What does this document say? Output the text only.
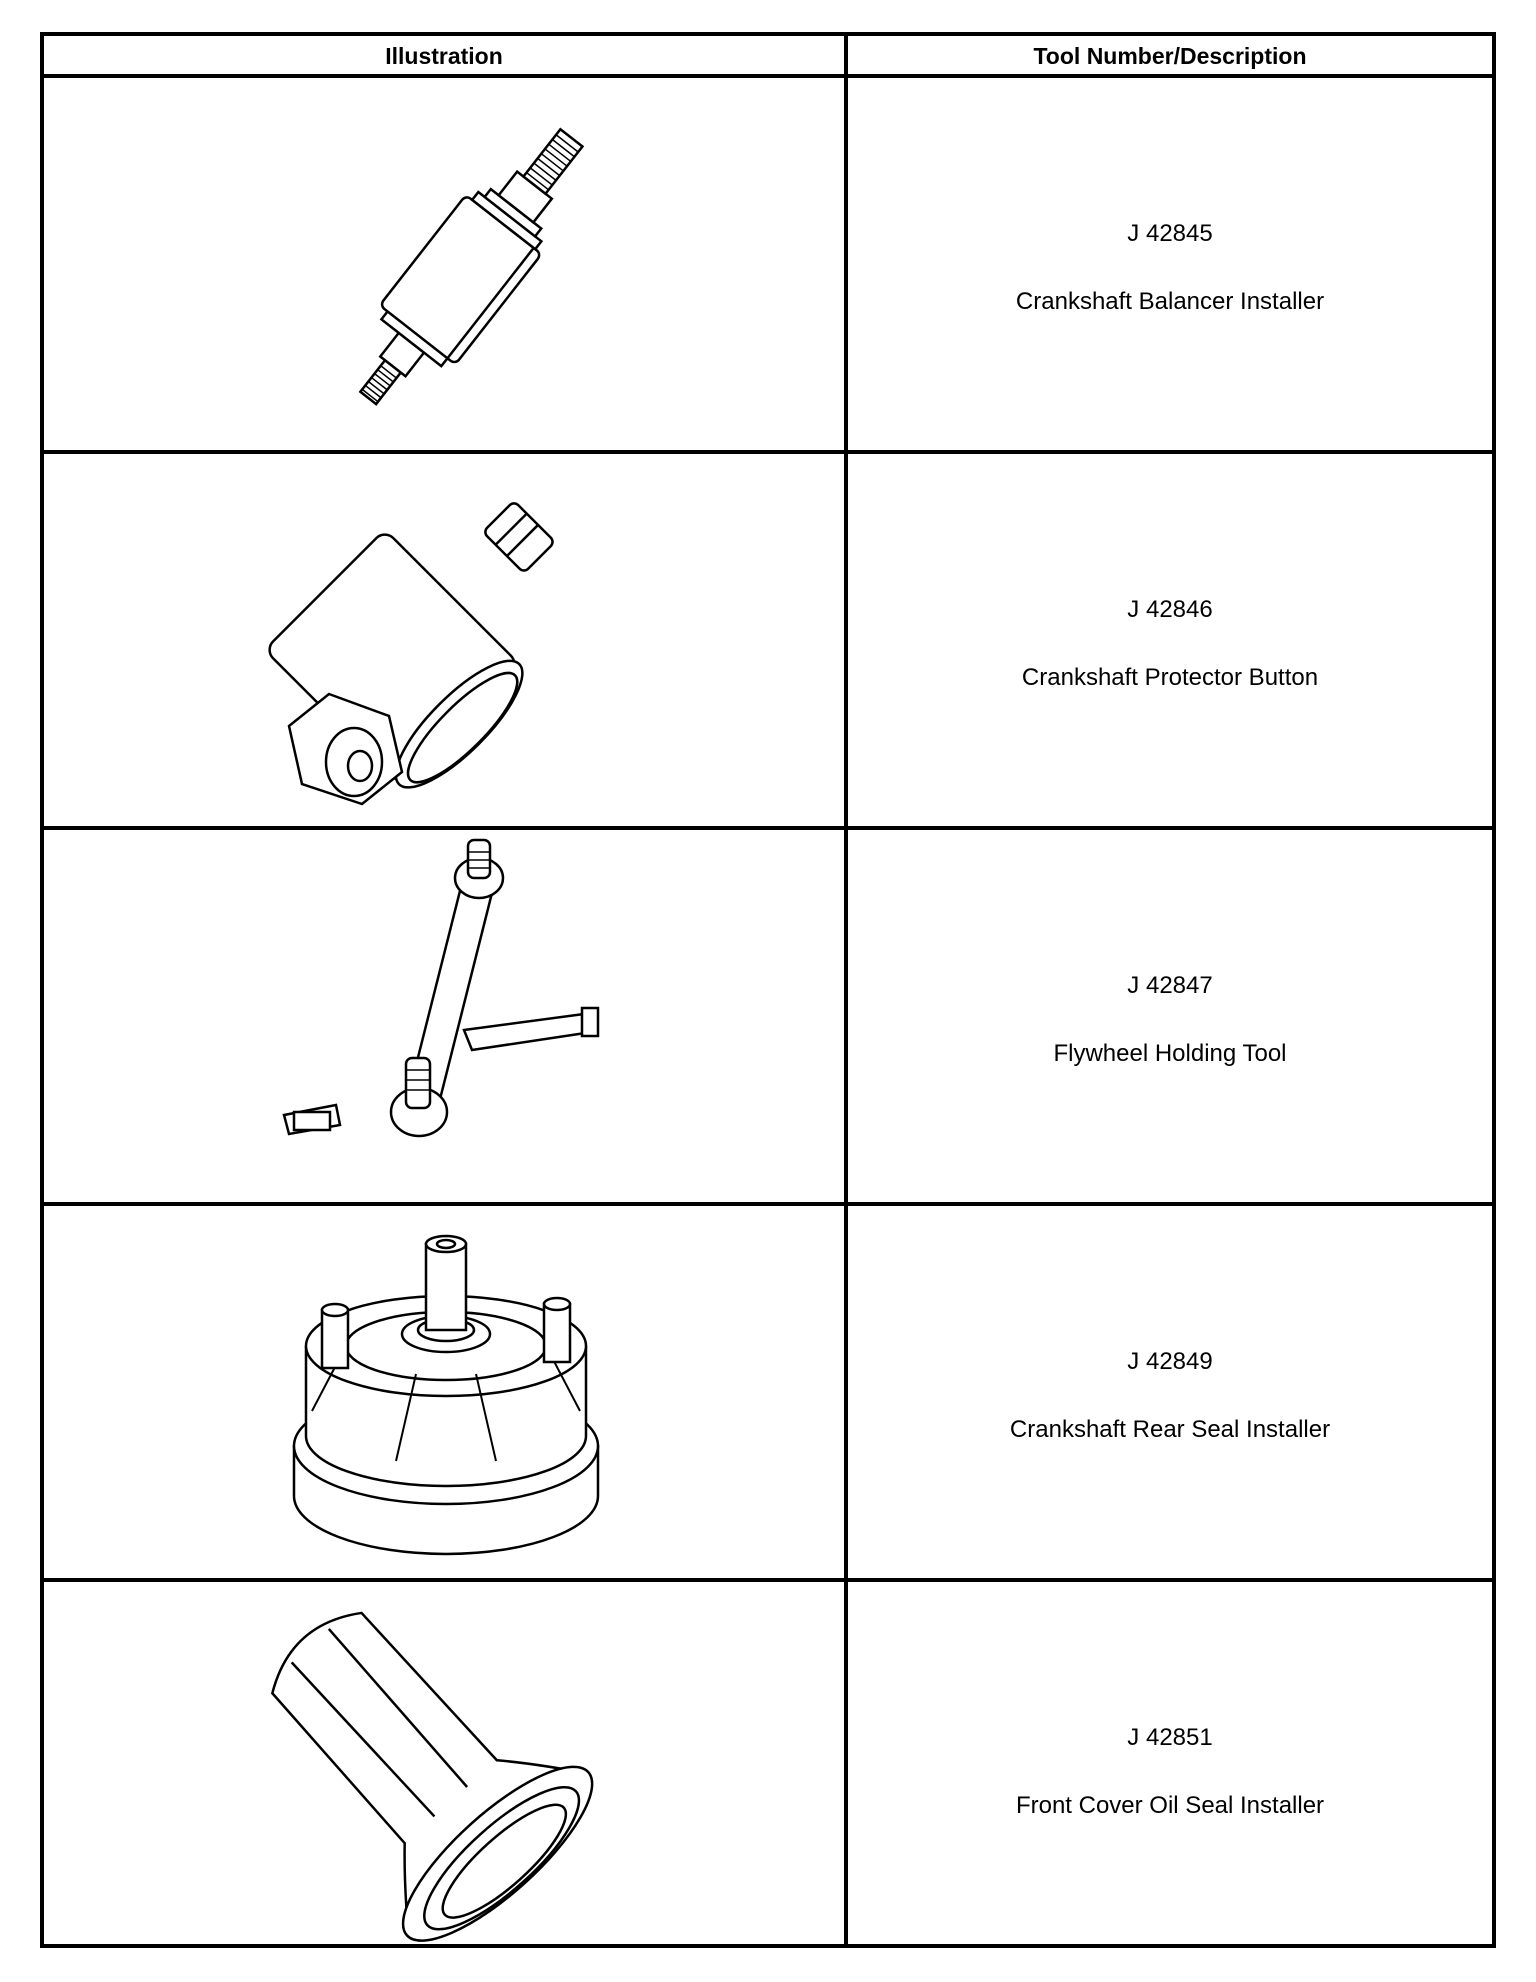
Illustration	Tool Number/Description
J 42845
Crankshaft Balancer Installer
J 42846
Crankshaft Protector Button
J 42847
Flywheel Holding Tool
J 42849
Crankshaft Rear Seal Installer
J 42851
Front Cover Oil Seal Installer
